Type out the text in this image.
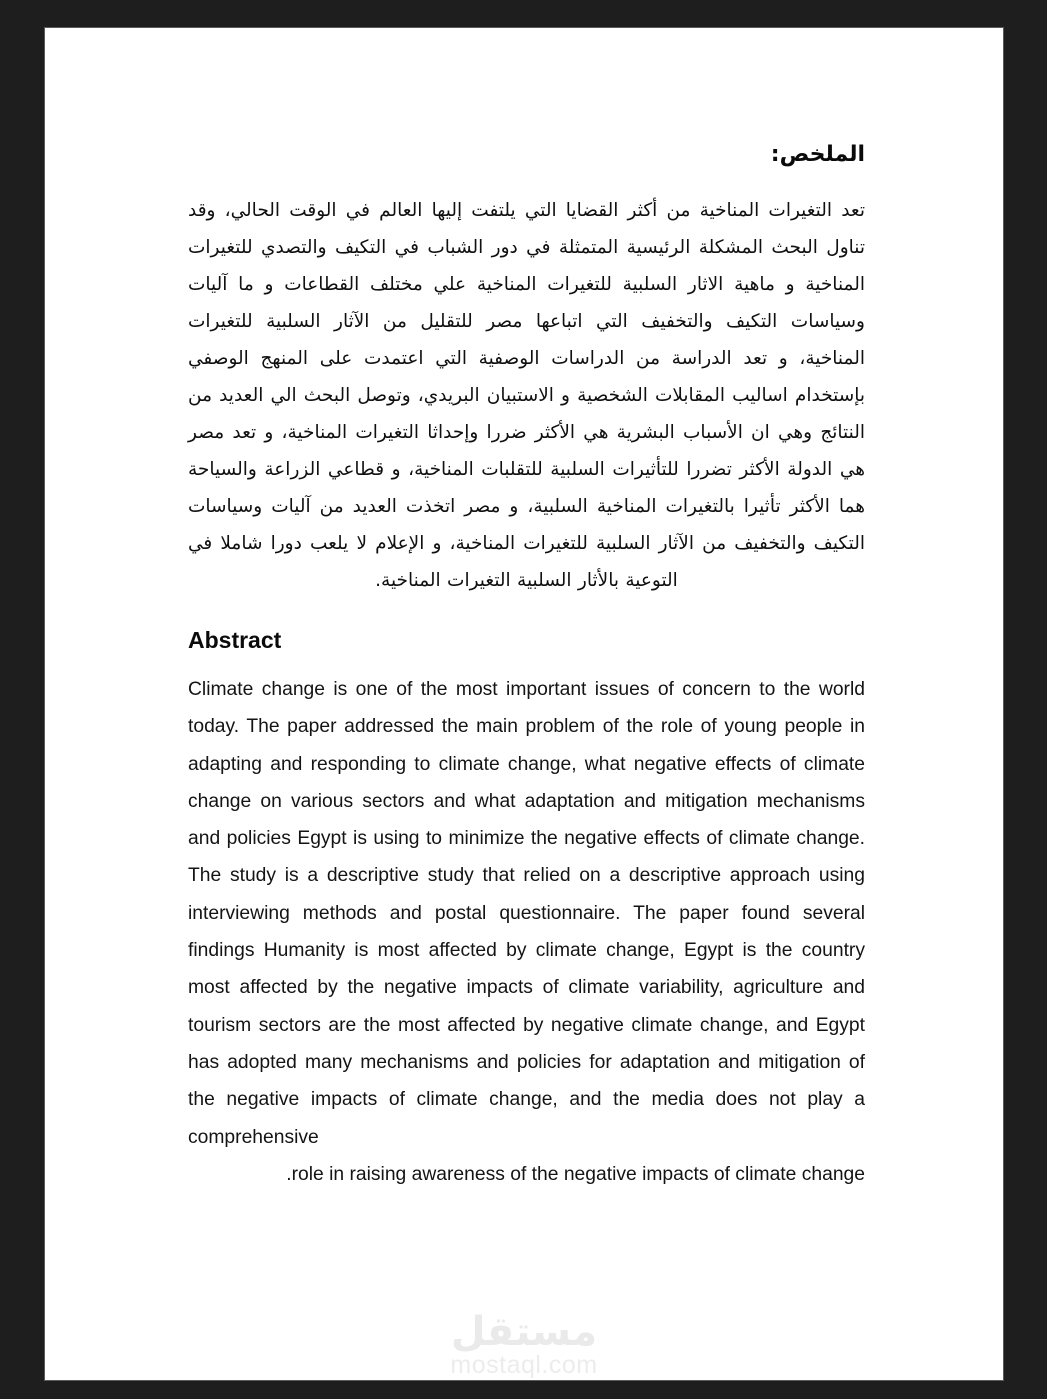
الملخص:

تعد التغيرات المناخية من أكثر القضايا التي يلتفت إليها العالم في الوقت الحالي، وقد تناول البحث المشكلة الرئيسية المتمثلة في دور الشباب في التكيف والتصدي للتغيرات المناخية و ماهية الاثار السلبية للتغيرات المناخية علي مختلف القطاعات و ما آليات وسياسات التكيف والتخفيف التي اتباعها مصر للتقليل من الآثار السلبية للتغيرات المناخية، و تعد الدراسة من الدراسات الوصفية التي اعتمدت على المنهج الوصفي بإستخدام اساليب المقابلات الشخصية و الاستبيان البريدي، وتوصل البحث الي العديد من النتائج وهي ان الأسباب البشرية هي الأكثر ضررا وإحداثا التغيرات المناخية، و تعد مصر هي الدولة الأكثر تضررا للتأثيرات السلبية للتقلبات المناخية، و قطاعي الزراعة والسياحة هما الأكثر تأثيرا بالتغيرات المناخية السلبية، و مصر اتخذت العديد من آليات وسياسات التكيف والتخفيف من الآثار السلبية للتغيرات المناخية، و الإعلام لا يلعب دورا شاملا في التوعية بالأثار السلبية التغيرات المناخية.

Abstract

Climate change is one of the most important issues of concern to the world today. The paper addressed the main problem of the role of young people in adapting and responding to climate change, what negative effects of climate change on various sectors and what adaptation and mitigation mechanisms and policies Egypt is using to minimize the negative effects of climate change. The study is a descriptive study that relied on a descriptive approach using interviewing methods and postal questionnaire. The paper found several findings Humanity is most affected by climate change, Egypt is the country most affected by the negative impacts of climate variability, agriculture and tourism sectors are the most affected by negative climate change, and Egypt has adopted many mechanisms and policies for adaptation and mitigation of the negative impacts of climate change, and the media does not play a comprehensive
.role in raising awareness of the negative impacts of climate change

مستقل
mostaql.com
